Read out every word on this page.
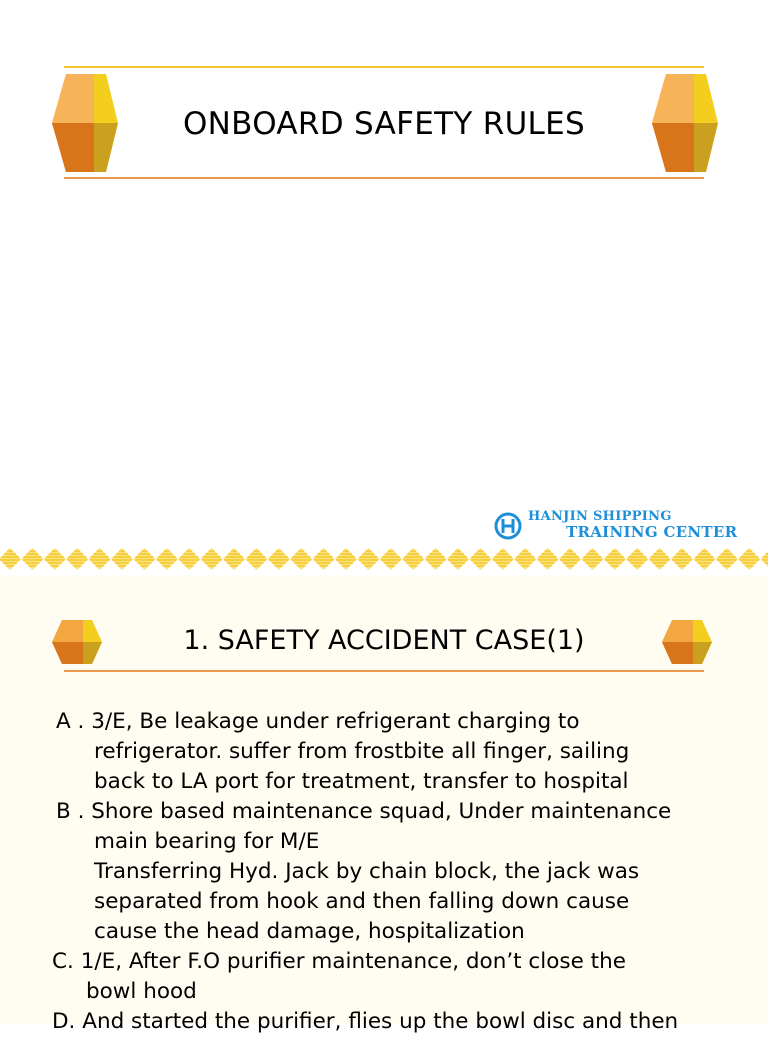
ONBOARD SAFETY RULES
HANJIN SHIPPING
TRAINING CENTER
1. SAFETY ACCIDENT CASE(1)
A . 3/E, Be leakage under refrigerant charging to
refrigerator. suffer from frostbite all finger, sailing
back to LA port for treatment, transfer to hospital
B . Shore based maintenance squad, Under maintenance
main bearing for M/E
Transferring Hyd. Jack by chain block, the jack was
separated from hook and then falling down cause
cause the head damage, hospitalization
C. 1/E, After F.O purifier maintenance, don’t close the
bowl hood
D. And started the purifier, flies up the bowl disc and then
